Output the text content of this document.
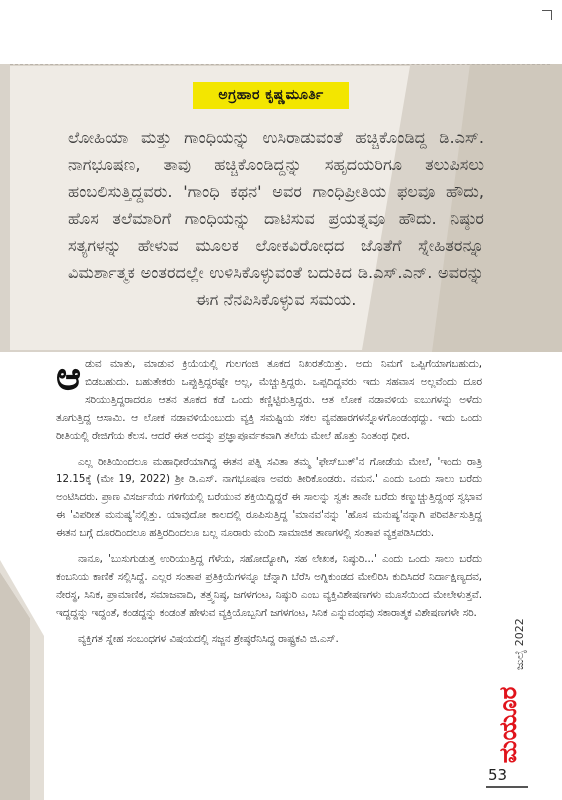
ಅಗ್ರಹಾರ ಕೃಷ್ಣಮೂರ್ತಿ
ಲೋಹಿಯಾ ಮತ್ತು ಗಾಂಧಿಯನ್ನು ಉಸಿರಾಡುವಂತೆ ಹಚ್ಚಿಕೊಂಡಿದ್ದ ಡಿ.ಎಸ್. ನಾಗಭೂಷಣ, ತಾವು ಹಚ್ಚಿಕೊಂಡಿದ್ದನ್ನು ಸಹೃದಯರಿಗೂ ತಲುಪಿಸಲು ಹಂಬಲಿಸುತ್ತಿದ್ದವರು. 'ಗಾಂಧಿ ಕಥನ' ಅವರ ಗಾಂಧಿಪ್ರೀತಿಯ ಫಲವೂ ಹೌದು, ಹೊಸ ತಲೆಮಾರಿಗೆ ಗಾಂಧಿಯನ್ನು ದಾಟಿಸುವ ಪ್ರಯತ್ನವೂ ಹೌದು. ನಿಷ್ಠುರ ಸತ್ಯಗಳನ್ನು ಹೇಳುವ ಮೂಲಕ ಲೋಕವಿರೋಧದ ಜೊತೆಗೆ ಸ್ನೇಹಿತರನ್ನೂ ವಿಮರ್ಶಾತ್ಮಕ ಅಂತರದಲ್ಲೇ ಉಳಿಸಿಕೊಳ್ಳುವಂತೆ ಬದುಕಿದ ಡಿ.ಎಸ್.ಎನ್. ಅವರನ್ನು ಈಗ ನೆನಪಿಸಿಕೊಳ್ಳುವ ಸಮಯ.

ಆಡುವ ಮಾತು, ಮಾಡುವ ಕ್ರಿಯೆಯಲ್ಲಿ ಗುಲಗಂಜಿ ತೂಕದ ನಿಖರತೆಯಿತ್ತು. ಅದು ನಿಮಗೆ ಒಪ್ಪಿಗೆಯಾಗಬಹುದು, ಬಿಡಬಹುದು. ಬಹುತೇಕರು ಒಪ್ಪುತ್ತಿದ್ದರಷ್ಟೇ ಅಲ್ಲ, ಮೆಚ್ಚುತ್ತಿದ್ದರು. ಒಪ್ಪದಿದ್ದವರು ಇದು ಸಹವಾಸ ಅಲ್ಲವೆಂದು ದೂರ ಸರಿಯುತ್ತಿದ್ದರಾದರೂ ಆತನ ತೂಕದ ಕಡೆ ಒಂದು ಕಣ್ಣಿಟ್ಟಿರುತ್ತಿದ್ದರು. ಆತ ಲೋಕ ನಡಾವಳಿಯ ಐಬುಗಳನ್ನು ಅಳೆದು ತೂಗುತ್ತಿದ್ದ ಆಸಾಮಿ. ಆ ಲೋಕ ನಡಾವಳಿಯೆಂಬುದು ವ್ಯಕ್ತಿ ಸಮಷ್ಟಿಯ ಸಕಲ ವ್ಯವಹಾರಗಳನ್ನೊಳಗೊಂಡಂಥದ್ದು. ಇದು ಒಂದು ರೀತಿಯಲ್ಲಿ ರೇಜಿಗೆಯ ಕೆಲಸ. ಆದರೆ ಈತ ಅದನ್ನು ಪ್ರಜ್ಞಾಪೂರ್ವಕವಾಗಿ ತಲೆಯ ಮೇಲೆ ಹೊತ್ತು ನಿಂತಂಥ ಧೀರ.

ಎಲ್ಲ ರೀತಿಯಿಂದಲೂ ಮಹಾಧೀರೆಯಾಗಿದ್ದ ಈತನ ಪತ್ನಿ ಸವಿತಾ ತಮ್ಮ 'ಫೇಸ್‌ಬುಕ್'ನ ಗೋಡೆಯ ಮೇಲೆ, 'ಇಂದು ರಾತ್ರಿ 12.15ಕ್ಕೆ (ಮೇ 19, 2022) ಶ್ರೀ ಡಿ.ಎಸ್. ನಾಗಭೂಷಣ ಅವರು ತೀರಿಕೊಂಡರು. ನಮನ.' ಎಂದು ಒಂದು ಸಾಲು ಬರೆದು ಅಂಟಿಸಿದರು. ಪ್ರಾಣ ವಿಸರ್ಜನೆಯ ಗಳಿಗೆಯಲ್ಲಿ ಬರೆಯುವ ಶಕ್ತಿಯಿದ್ದಿದ್ದರೆ ಈ ಸಾಲನ್ನು ಸ್ವತಃ ತಾನೇ ಬರೆದು ಕಣ್ಮುಚ್ಚುತ್ತಿದ್ದಂಥ ಸ್ವಭಾವ ಈ 'ವಿಪರೀತ ಮನುಷ್ಯ'ನಲ್ಲಿತ್ತು. ಯಾವುದೋ ಕಾಲದಲ್ಲಿ ರೂಪಿಸುತ್ತಿದ್ದ 'ಮಾನವ'ನನ್ನು 'ಹೊಸ ಮನುಷ್ಯ'ನನ್ನಾಗಿ ಪರಿವರ್ತಿಸುತ್ತಿದ್ದ ಈತನ ಬಗ್ಗೆ ದೂರದಿಂದಲೂ ಹತ್ತಿರದಿಂದಲೂ ಬಲ್ಲ ನೂರಾರು ಮಂದಿ ಸಾಮಾಜಿಕ ತಾಣಗಳಲ್ಲಿ ಸಂತಾಪ ವ್ಯಕ್ತಪಡಿಸಿದರು.

ನಾನೂ, 'ಬುಸುಗುಡುತ್ತ ಉರಿಯುತ್ತಿದ್ದ ಗೆಳೆಯ, ಸಹೋದ್ಯೋಗಿ, ಸಹ ಲೇಖಕ, ನಿಷ್ಠುರಿ...' ಎಂದು ಒಂದು ಸಾಲು ಬರೆದು ಕಂಬನಿಯ ಕಾಣಿಕೆ ಸಲ್ಲಿಸಿದ್ದೆ. ಎಲ್ಲರ ಸಂತಾಪ ಪ್ರತಿಕ್ರಿಯೆಗಳನ್ನೂ ಚೆನ್ನಾಗಿ ಬೆರೆಸಿ ಅಗ್ನಿಕುಂಡದ ಮೇಲಿರಿಸಿ ಕುದಿಸಿದರೆ ನಿರ್ದಾಕ್ಷಿಣ್ಯದವ, ನೇರಸ್ಥ, ಸಿನಿಕ, ಪ್ರಾಮಾಣಿಕ, ಸಮಾಜವಾದಿ, ತತ್ತ್ವನಿಷ್ಠ, ಜಗಳಗಂಟ, ನಿಷ್ಠುರಿ ಎಂಬ ವ್ಯಕ್ತಿವಿಶೇಷಣಗಳು ಮೂಸೆಯಿಂದ ಮೇಲೇಳುತ್ತವೆ. ಇದ್ದದ್ದನ್ನು ಇದ್ದಂತೆ, ಕಂಡದ್ದನ್ನು ಕಂಡಂತೆ ಹೇಳುವ ವ್ಯಕ್ತಿಯೊಬ್ಬನಿಗೆ ಜಗಳಗಂಟ, ಸಿನಿಕ ಎನ್ನುವಂಥವು ಸಕಾರಾತ್ಮಕ ವಿಶೇಷಣಗಳೇ ಸರಿ.

ವ್ಯಕ್ತಿಗತ ಸ್ನೇಹ ಸಂಬಂಧಗಳ ವಿಷಯದಲ್ಲಿ ಸಜ್ಜನ ಶ್ರೇಷ್ಠರೆನಿಸಿದ್ದ ರಾಷ್ಟ್ರಕವಿ ಜಿ.ಎಸ್.	ಜುಲೈ 2022
ಮಯೂರ
53
